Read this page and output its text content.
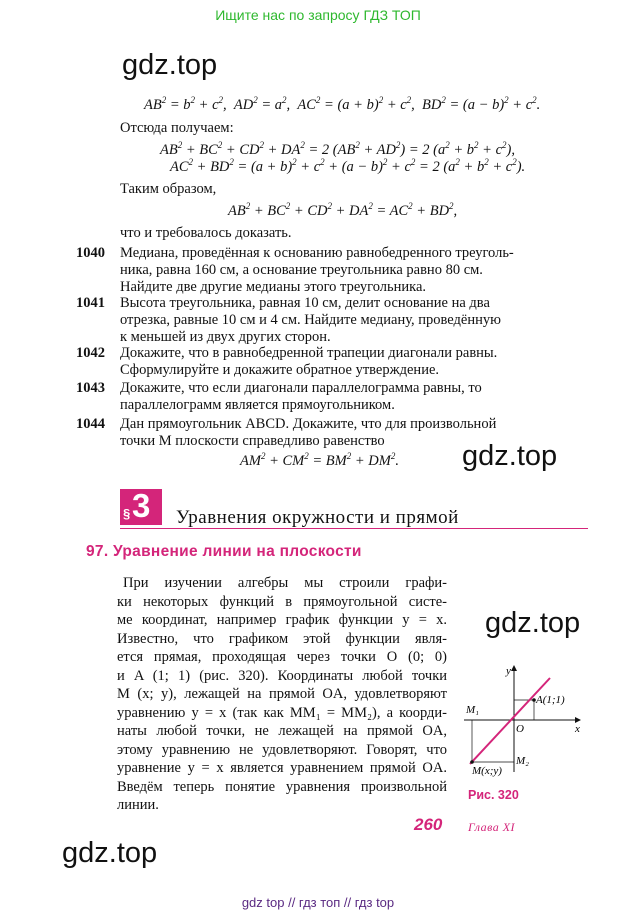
Ищите нас по запросу ГДЗ ТОП
gdz.top
$AB^2 = b^2 + c^2$,  $AD^2 = a^2$,  $AC^2 = (a + b)^2 + c^2$,  $BD^2 = (a - b)^2 + c^2$.
Отсюда получаем:
$AB^2 + BC^2 + CD^2 + DA^2 = 2$ $(AB^2 + AD^2) = 2$ $(a^2 + b^2 + c^2)$,
$AC^2 + BD^2 = (a + b)^2 + c^2 + (a - b)^2 + c^2 = 2$ $(a^2 + b^2 + c^2)$.
Таким образом,
$AB^2 + BC^2 + CD^2 + DA^2 = AC^2 + BD^2$,
что и требовалось доказать.
1040 Медиана, проведённая к основанию равнобедренного треуголь-
ника, равна 160 см, а основание треугольника равно 80 см.
Найдите две другие медианы этого треугольника.
1041 Высота треугольника, равная 10 см, делит основание на два
отрезка, равные 10 см и 4 см. Найдите медиану, проведённую
к меньшей из двух других сторон.
1042 Докажите, что в равнобедренной трапеции диагонали равны.
Сформулируйте и докажите обратное утверждение.
1043 Докажите, что если диагонали параллелограмма равны, то
параллелограмм является прямоугольником.
1044 Дан прямоугольник ABCD. Докажите, что для произвольной
точки M плоскости справедливо равенство
$AM^2 + CM^2 = BM^2 + DM^2$. gdz.top
§ 3 Уравнения окружности и прямой
97. Уравнение линии на плоскости
При изучении алгебры мы строили графи-
ки некоторых функций в прямоугольной систе-
ме координат, например график функции y = x.
Известно, что графиком этой функции явля-
ется прямая, проходящая через точки O (0; 0)
и A (1; 1) (рис. 320). Координаты любой точки
M (x; y), лежащей на прямой OA, удовлетворяют
уравнению y = x (так как MM₁ = MM₂), а коорди-
наты любой точки, не лежащей на прямой OA,
этому уравнению не удовлетворяют. Говорят, что
уравнение y = x является уравнением прямой OA.
Введём теперь понятие уравнения произвольной
линии.
gdz.top
y
x
A(1;1)
O
M₁
M₂
M(x;y)
Рис. 320
260 Глава XI
gdz.top
gdz top // гдз топ // гдз top
